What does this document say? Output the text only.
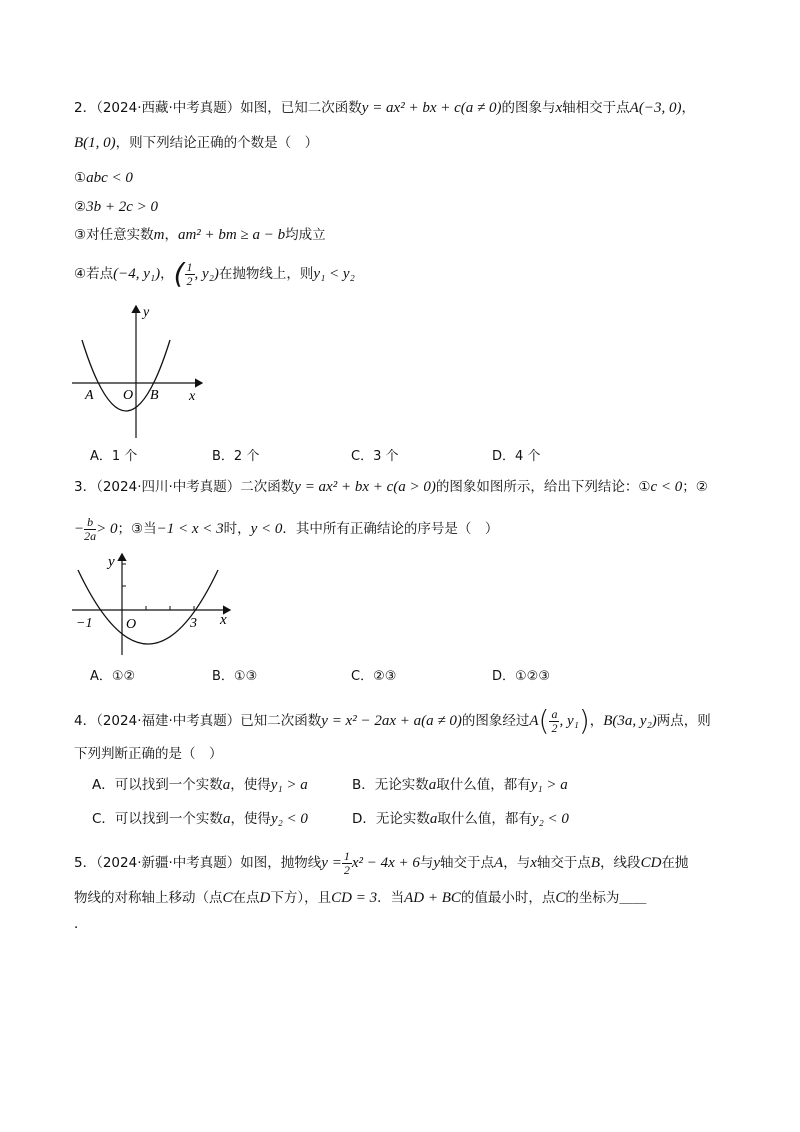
2．（2024·西藏·中考真题）如图，已知二次函数y = ax² + bx + c(a ≠ 0)的图象与x轴相交于点A(−3, 0)，
B(1, 0)，则下列结论正确的个数是（　）
①abc < 0
②3b + 2c > 0
③对任意实数m，am² + bm ≥ a − b均成立
④若点(−4, y₁)，( $\frac{1}{2}$ , y₂)在抛物线上，则y₁ < y₂
y
x
A O B
A．1 个	B．2 个	C．3 个	D．4 个
3．（2024·四川·中考真题）二次函数y = ax² + bx + c(a > 0)的图象如图所示，给出下列结论：①c < 0；②
− $\frac{b}{2a} > 0$；③当−1 < x < 3时，y < 0．其中所有正确结论的序号是（　）
y
x
−1 O	3
A．①②	B．①③	C．②③	D．①②③
4．（2024·福建·中考真题）已知二次函数y = x² − 2ax + a(a ≠ 0)的图象经过$A( \frac{a}{2}$ , y₁)，B(3a, y₂)两点，则
下列判断正确的是（　）
A．可以找到一个实数a，使得y₁ > a	B．无论实数a取什么值，都有y₁ > a
C．可以找到一个实数a，使得y₂ < 0	D．无论实数a取什么值，都有y₂ < 0
5．（2024·新疆·中考真题）如图，抛物线$y = \frac{1}{2} x^2 - 4x + 6$与y轴交于点A，与x轴交于点B，线段CD在抛
物线的对称轴上移动（点C在点D下方），且CD = 3．当AD + BC的值最小时，点C的坐标为＿＿
．
